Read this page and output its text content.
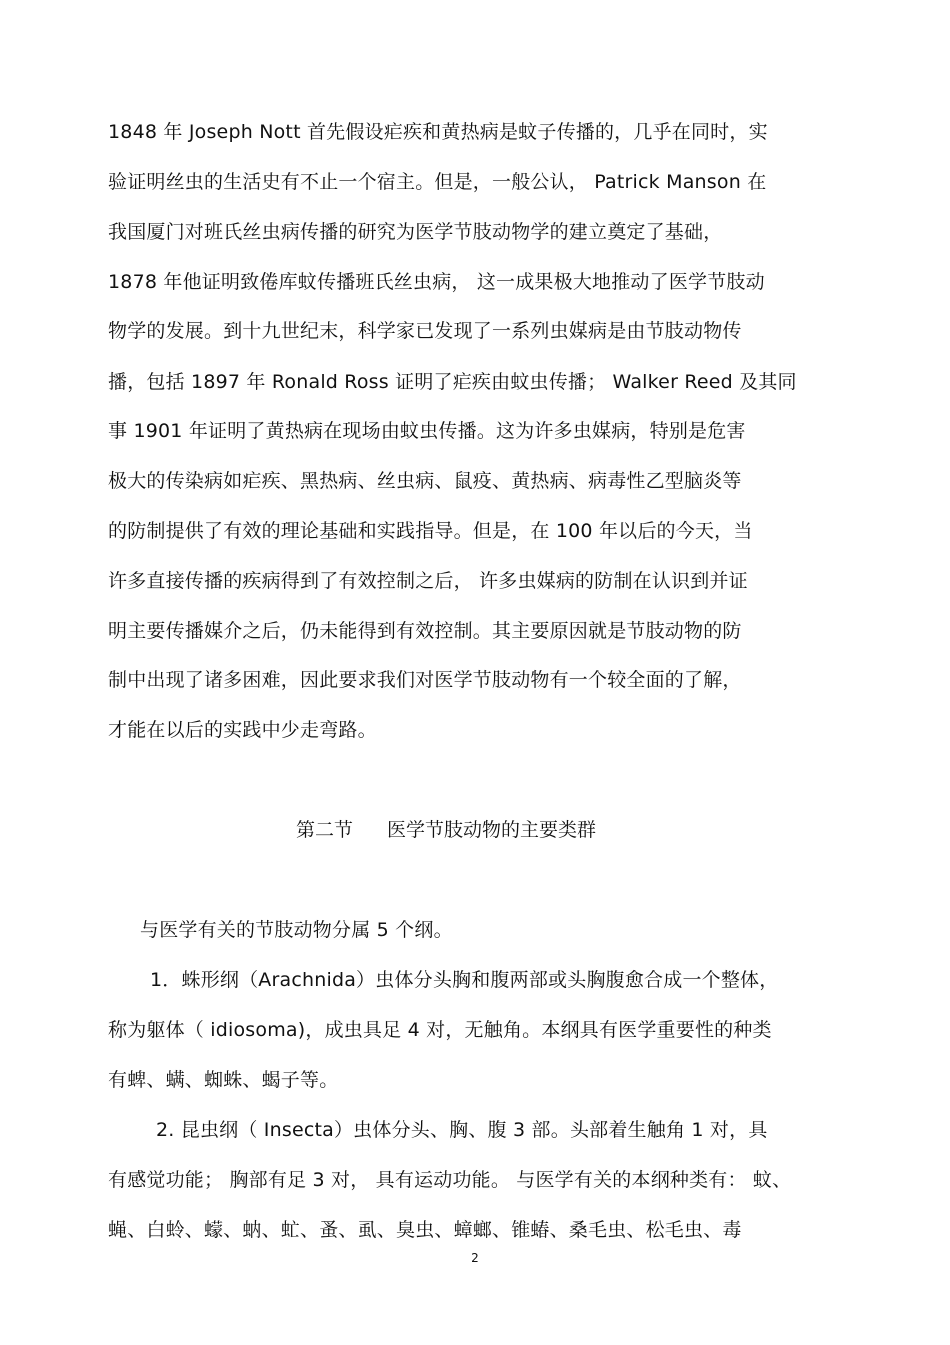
1848 年 Joseph Nott 首先假设疟疾和黄热病是蚊子传播的，几乎在同时，实
验证明丝虫的生活史有不止一个宿主。但是，一般公认， Patrick Manson 在
我国厦门对班氏丝虫病传播的研究为医学节肢动物学的建立奠定了基础，
1878 年他证明致倦库蚊传播班氏丝虫病， 这一成果极大地推动了医学节肢动
物学的发展。到十九世纪末，科学家已发现了一系列虫媒病是由节肢动物传
播，包括 1897 年 Ronald Ross 证明了疟疾由蚊虫传播； Walker Reed 及其同
事 1901 年证明了黄热病在现场由蚊虫传播。这为许多虫媒病，特别是危害
极大的传染病如疟疾、黑热病、丝虫病、鼠疫、黄热病、病毒性乙型脑炎等
的防制提供了有效的理论基础和实践指导。但是，在 100 年以后的今天，当
许多直接传播的疾病得到了有效控制之后， 许多虫媒病的防制在认识到并证
明主要传播媒介之后，仍未能得到有效控制。其主要原因就是节肢动物的防
制中出现了诸多困难，因此要求我们对医学节肢动物有一个较全面的了解，
才能在以后的实践中少走弯路。
第二节 医学节肢动物的主要类群
与医学有关的节肢动物分属 5 个纲。
1．蛛形纲（Arachnida）虫体分头胸和腹两部或头胸腹愈合成一个整体，
称为躯体（ idiosoma)，成虫具足 4 对，无触角。本纲具有医学重要性的种类
有蜱、螨、蜘蛛、蝎子等。
2. 昆虫纲（ Insecta）虫体分头、胸、腹 3 部。头部着生触角 1 对，具
有感觉功能； 胸部有足 3 对， 具有运动功能。 与医学有关的本纲种类有： 蚊、
蝇、白蛉、蠓、蚋、虻、蚤、虱、臭虫、蟑螂、锥蝽、桑毛虫、松毛虫、毒
2
